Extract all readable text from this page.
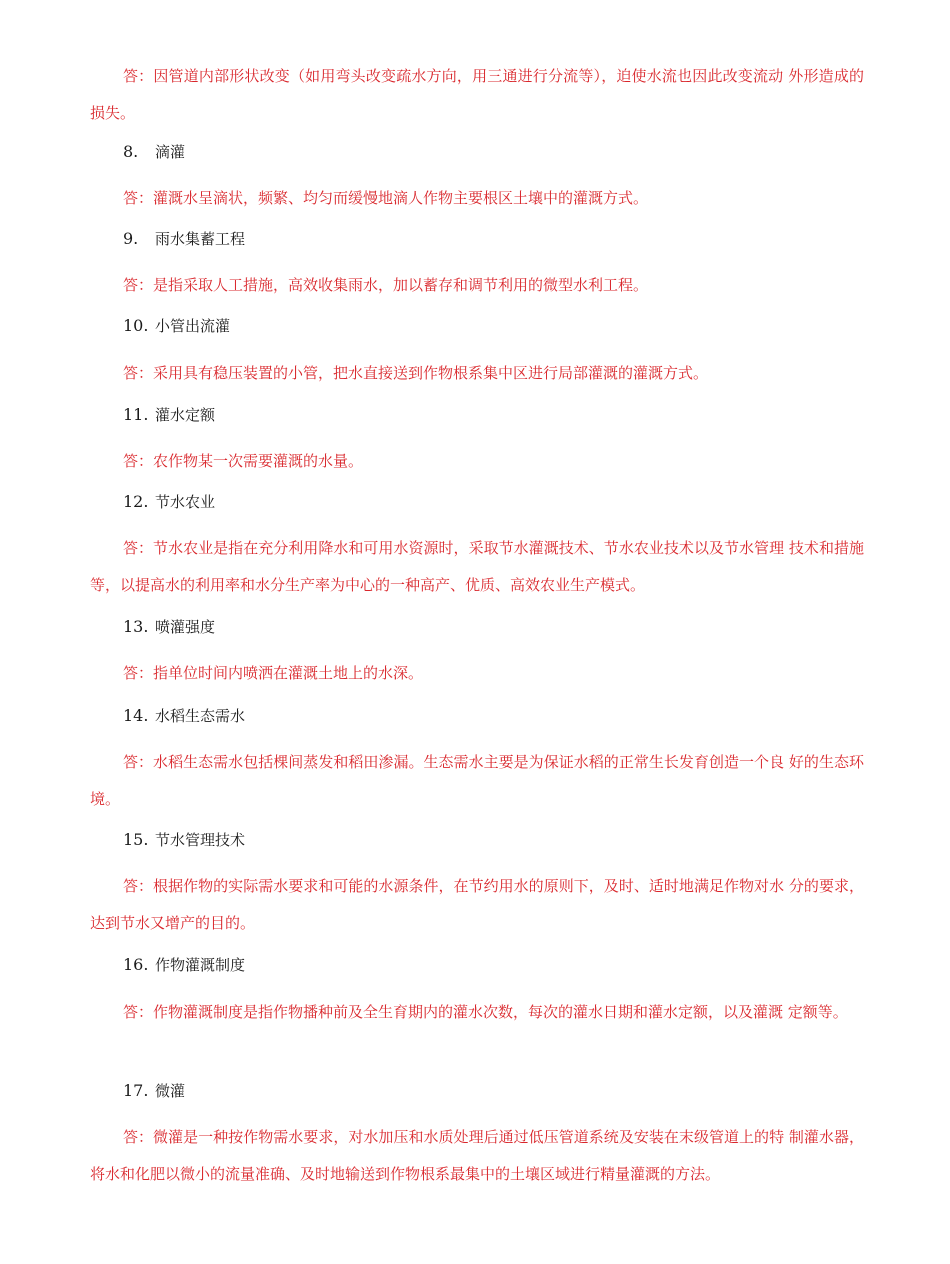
答：因管道内部形状改变（如用弯头改变疏水方向，用三通进行分流等），迫使水流也因此改变流动 外形造成的损失。

8. 滴灌

答：灌溉水呈滴状，频繁、均匀而缓慢地滴人作物主要根区土壤中的灌溉方式。

9. 雨水集蓄工程

答：是指采取人工措施，高效收集雨水，加以蓄存和调节利用的微型水利工程。

10. 小管出流灌

答：采用具有稳压装置的小管，把水直接送到作物根系集中区进行局部灌溉的灌溉方式。

11. 灌水定额

答：农作物某一次需要灌溉的水量。

12. 节水农业

答：节水农业是指在充分利用降水和可用水资源时，采取节水灌溉技术、节水农业技术以及节水管理 技术和措施等，以提高水的利用率和水分生产率为中心的一种高产、优质、高效农业生产模式。

13. 喷灌强度

答：指单位时间内喷洒在灌溉土地上的水深。

14. 水稻生态需水

答：水稻生态需水包括棵间蒸发和稻田渗漏。生态需水主要是为保证水稻的正常生长发育创造一个良 好的生态环境。

15. 节水管理技术

答：根据作物的实际需水要求和可能的水源条件，在节约用水的原则下，及时、适时地满足作物对水 分的要求，达到节水又增产的目的。

16. 作物灌溉制度

答：作物灌溉制度是指作物播种前及全生育期内的灌水次数，每次的灌水日期和灌水定额，以及灌溉 定额等。

17. 微灌

答：微灌是一种按作物需水要求，对水加压和水质处理后通过低压管道系统及安装在末级管道上的特 制灌水器，将水和化肥以微小的流量准确、及时地输送到作物根系最集中的土壤区域进行精量灌溉的方法。
